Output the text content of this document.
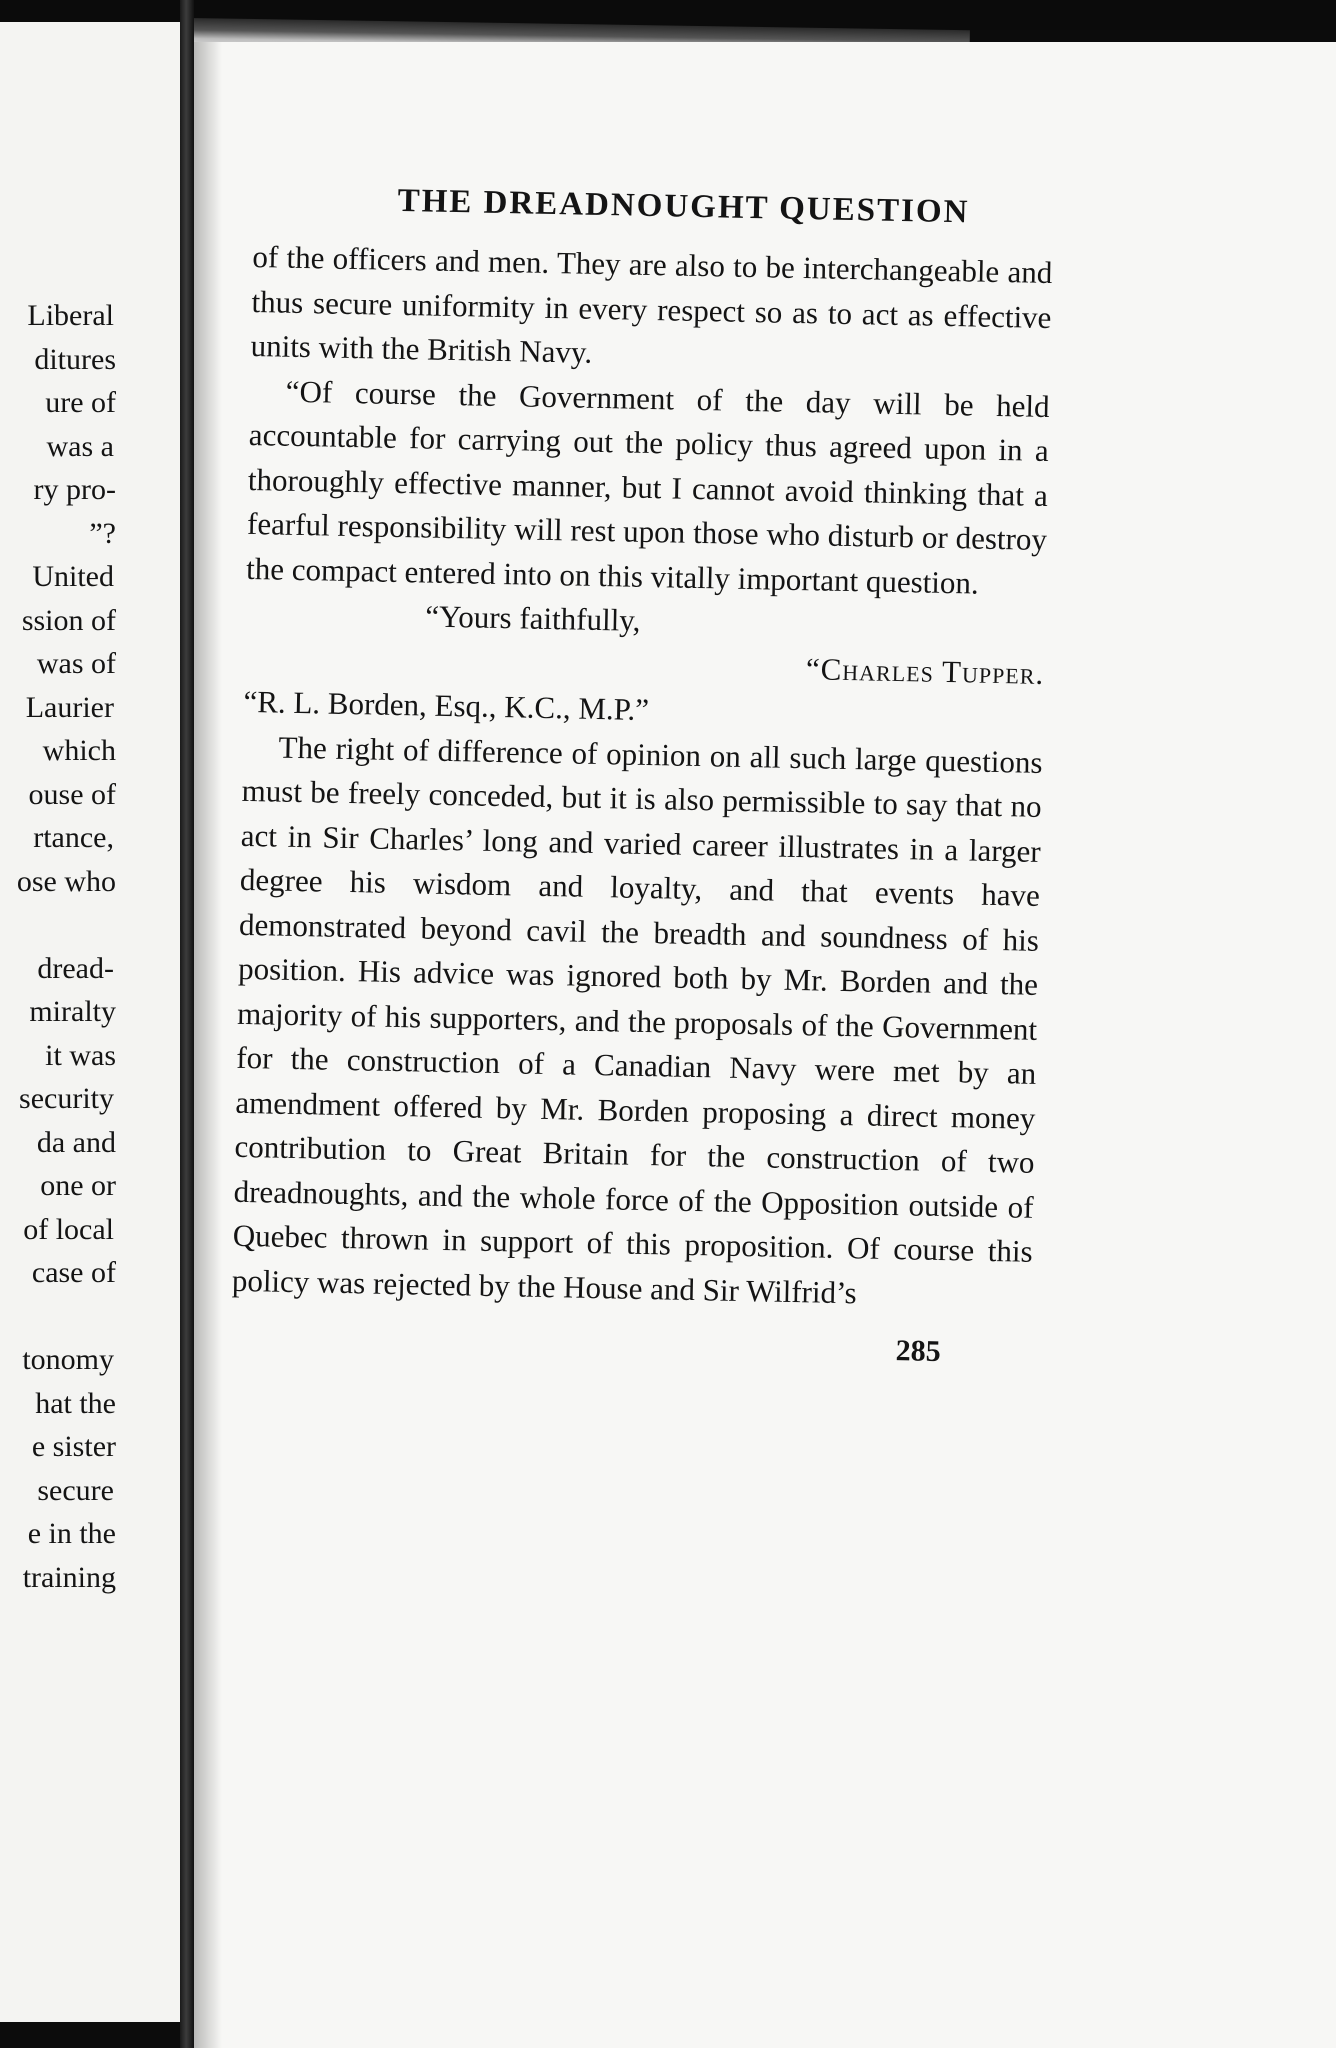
Liberal
ditures
ure of
was a
ry pro-
”?
United
ssion of
was of
Laurier
which
ouse of
rtance,
ose who
dread-
miralty
it was
security
da and
one or
of local
case of
tonomy
hat the
e sister
secure
e in the
training
THE DREADNOUGHT QUESTION

of the officers and men. They are also to be interchangeable and thus secure uniformity in every respect so as to act as effective units with the British Navy.

“Of course the Government of the day will be held accountable for carrying out the policy thus agreed upon in a thoroughly effective manner, but I cannot avoid thinking that a fearful responsibility will rest upon those who disturb or destroy the compact entered into on this vitally important question.

“Yours faithfully,

“Charles Tupper.

“R. L. Borden, Esq., K.C., M.P.”

The right of difference of opinion on all such large questions must be freely conceded, but it is also permissible to say that no act in Sir Charles’ long and varied career illustrates in a larger degree his wisdom and loyalty, and that events have demonstrated beyond cavil the breadth and soundness of his position. His advice was ignored both by Mr. Borden and the majority of his supporters, and the proposals of the Government for the construction of a Canadian Navy were met by an amendment offered by Mr. Borden proposing a direct money contribution to Great Britain for the construction of two dreadnoughts, and the whole force of the Opposition outside of Quebec thrown in support of this proposition. Of course this policy was rejected by the House and Sir Wilfrid’s

285
